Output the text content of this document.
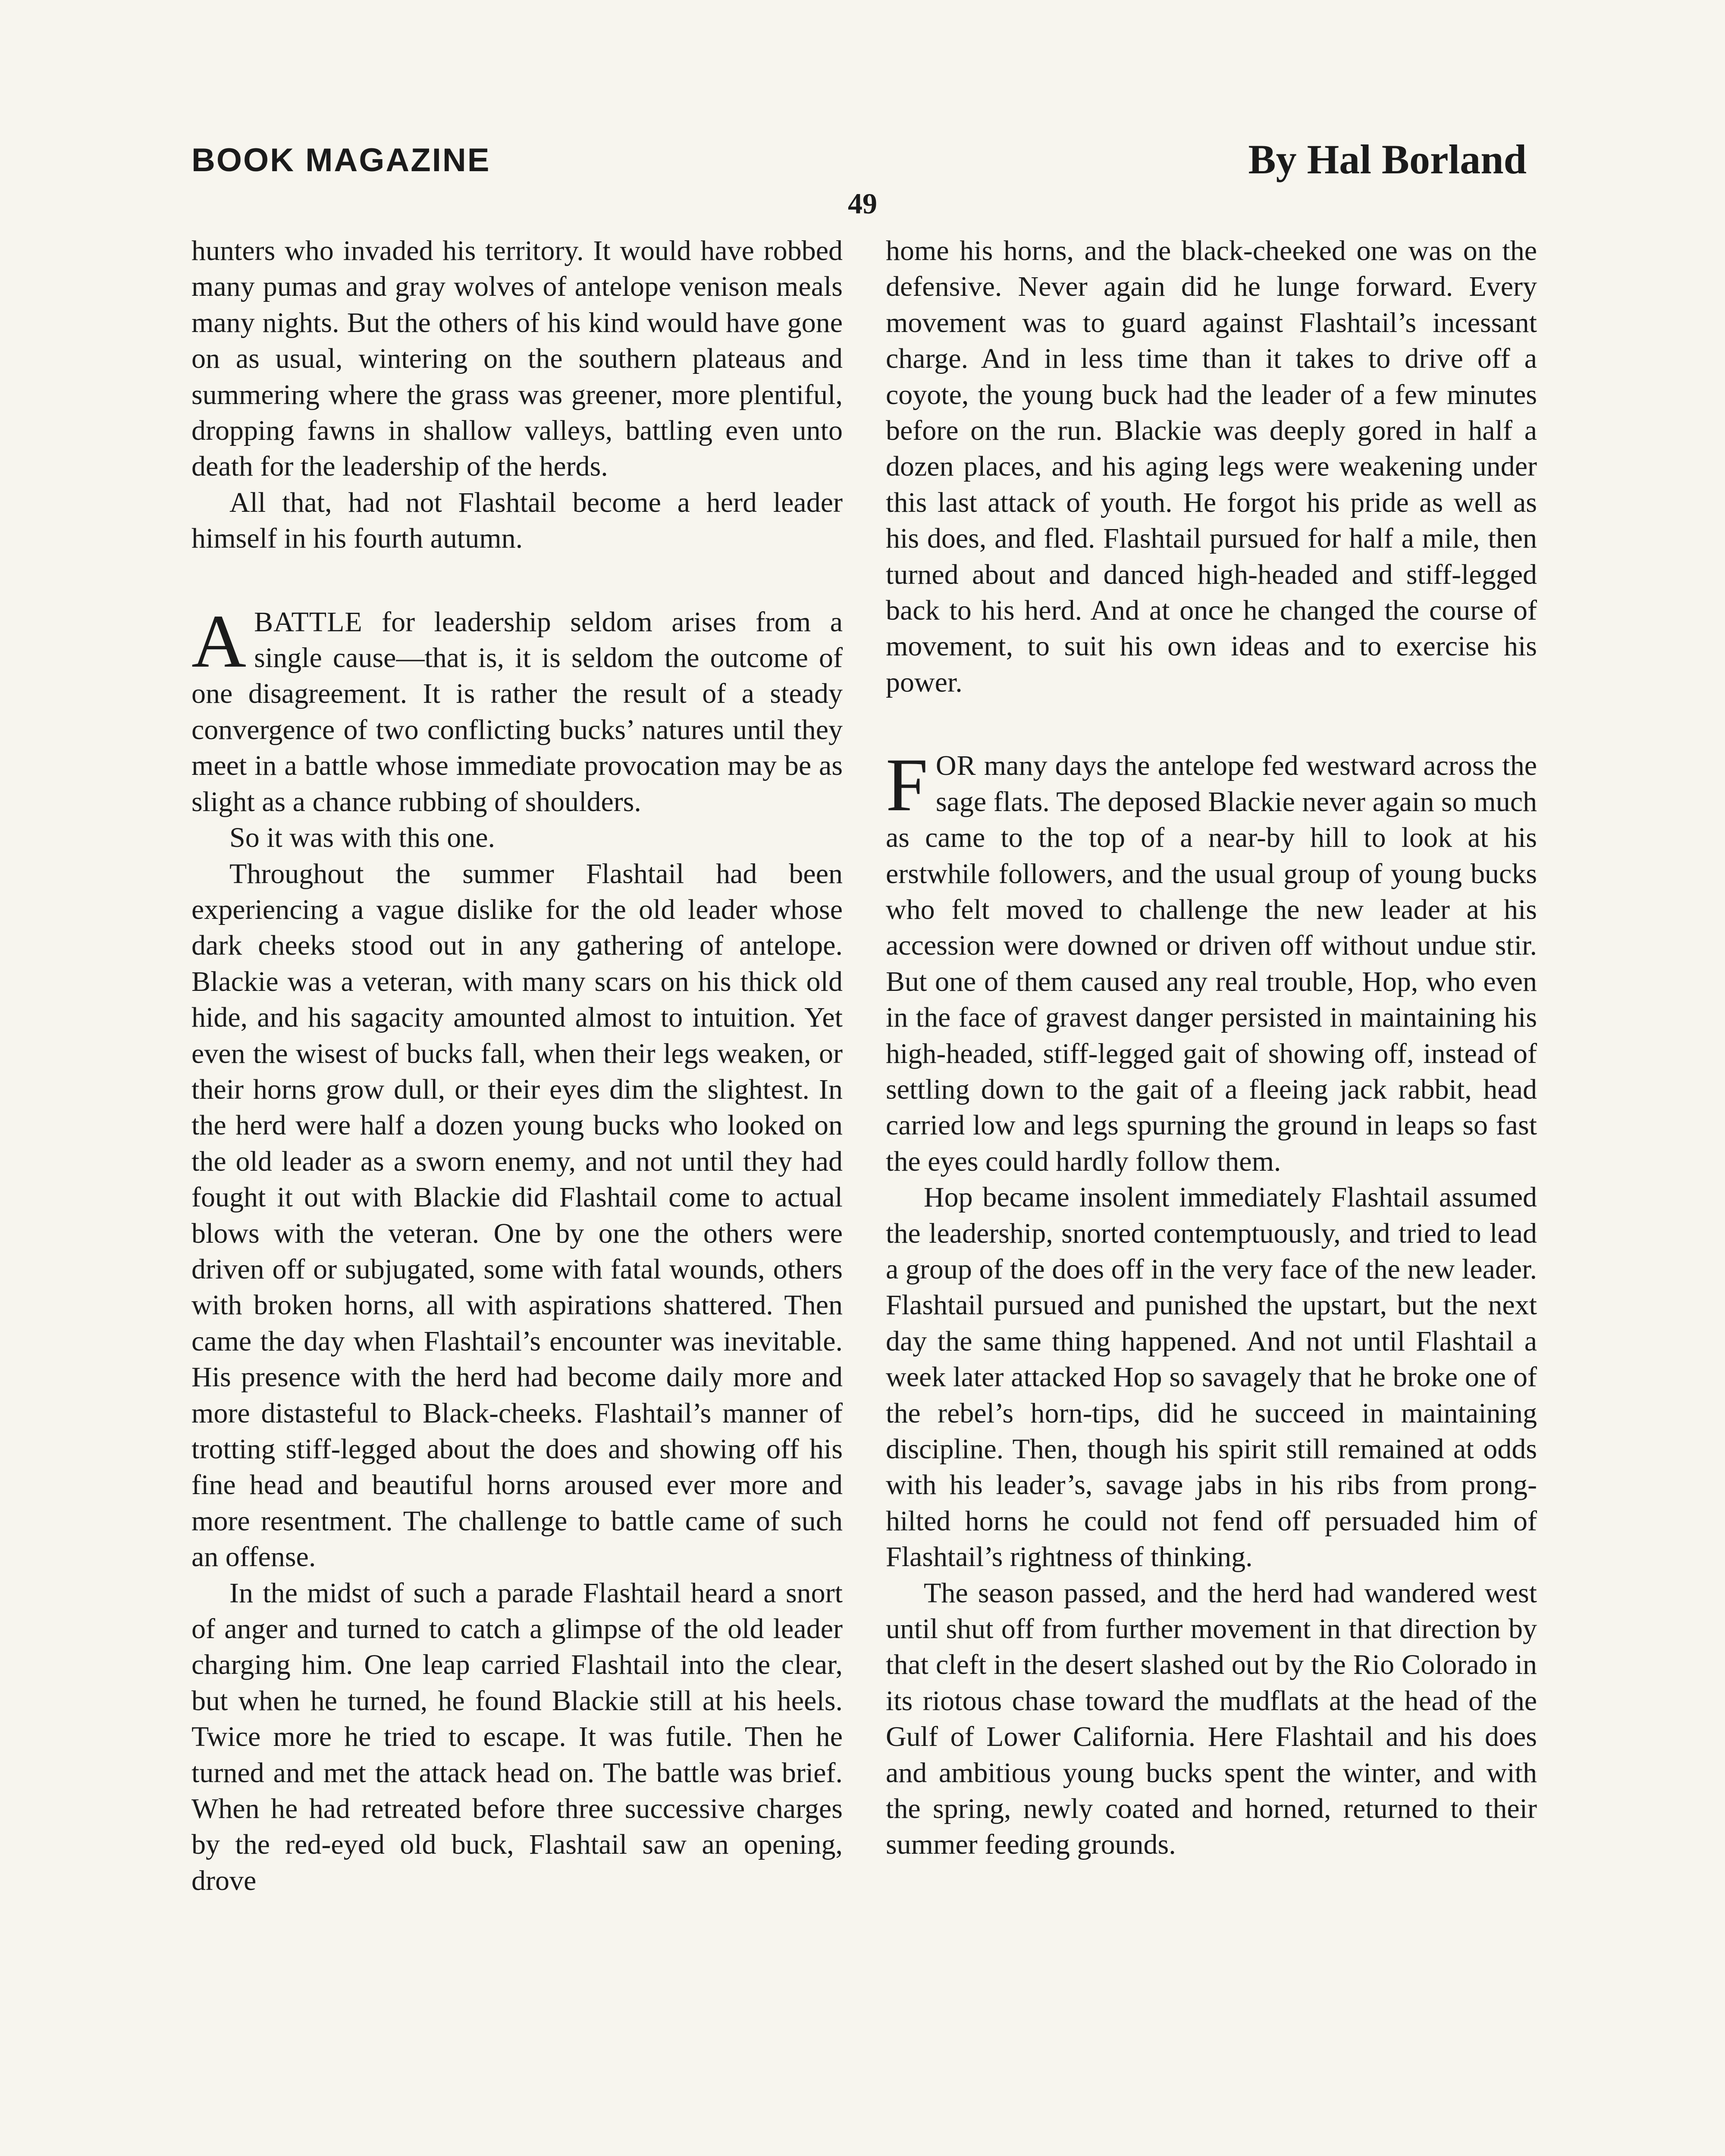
BOOK MAGAZINE	By Hal Borland
49

hunters who invaded his territory. It would have robbed many pumas and gray wolves of antelope venison meals many nights. But the others of his kind would have gone on as usual, wintering on the southern plateaus and summering where the grass was greener, more plentiful, dropping fawns in shallow valleys, battling even unto death for the leadership of the herds.

All that, had not Flashtail become a herd leader himself in his fourth autumn.

ABATTLE for leadership seldom arises from a single cause—that is, it is seldom the outcome of one disagreement. It is rather the result of a steady convergence of two conflicting bucks’ natures until they meet in a battle whose immediate provocation may be as slight as a chance rubbing of shoulders.

So it was with this one.

Throughout the summer Flashtail had been experiencing a vague dislike for the old leader whose dark cheeks stood out in any gathering of antelope. Blackie was a veteran, with many scars on his thick old hide, and his sagacity amounted almost to intuition. Yet even the wisest of bucks fall, when their legs weaken, or their horns grow dull, or their eyes dim the slightest. In the herd were half a dozen young bucks who looked on the old leader as a sworn enemy, and not until they had fought it out with Blackie did Flashtail come to actual blows with the veteran. One by one the others were driven off or subjugated, some with fatal wounds, others with broken horns, all with aspirations shattered. Then came the day when Flashtail’s encounter was inevitable. His presence with the herd had become daily more and more distasteful to Black-cheeks. Flashtail’s manner of trotting stiff-legged about the does and showing off his fine head and beautiful horns aroused ever more and more resentment. The challenge to battle came of such an offense.

In the midst of such a parade Flashtail heard a snort of anger and turned to catch a glimpse of the old leader charging him. One leap carried Flashtail into the clear, but when he turned, he found Blackie still at his heels. Twice more he tried to escape. It was futile. Then he turned and met the attack head on. The battle was brief. When he had retreated before three successive charges by the red-eyed old buck, Flashtail saw an opening, drove

home his horns, and the black-cheeked one was on the defensive. Never again did he lunge forward. Every movement was to guard against Flashtail’s incessant charge. And in less time than it takes to drive off a coyote, the young buck had the leader of a few minutes before on the run. Blackie was deeply gored in half a dozen places, and his aging legs were weakening under this last attack of youth. He forgot his pride as well as his does, and fled. Flashtail pursued for half a mile, then turned about and danced high-headed and stiff-legged back to his herd. And at once he changed the course of movement, to suit his own ideas and to exercise his power.

FOR many days the antelope fed westward across the sage flats. The deposed Blackie never again so much as came to the top of a near-by hill to look at his erstwhile followers, and the usual group of young bucks who felt moved to challenge the new leader at his accession were downed or driven off without undue stir. But one of them caused any real trouble, Hop, who even in the face of gravest danger persisted in maintaining his high-headed, stiff-legged gait of showing off, instead of settling down to the gait of a fleeing jack rabbit, head carried low and legs spurning the ground in leaps so fast the eyes could hardly follow them.

Hop became insolent immediately Flashtail assumed the leadership, snorted contemptuously, and tried to lead a group of the does off in the very face of the new leader. Flashtail pursued and punished the upstart, but the next day the same thing happened. And not until Flashtail a week later attacked Hop so savagely that he broke one of the rebel’s horn-tips, did he succeed in maintaining discipline. Then, though his spirit still remained at odds with his leader’s, savage jabs in his ribs from prong-hilted horns he could not fend off persuaded him of Flashtail’s rightness of thinking.

The season passed, and the herd had wandered west until shut off from further movement in that direction by that cleft in the desert slashed out by the Rio Colorado in its riotous chase toward the mudflats at the head of the Gulf of Lower California. Here Flashtail and his does and ambitious young bucks spent the winter, and with the spring, newly coated and horned, returned to their summer feeding grounds.
